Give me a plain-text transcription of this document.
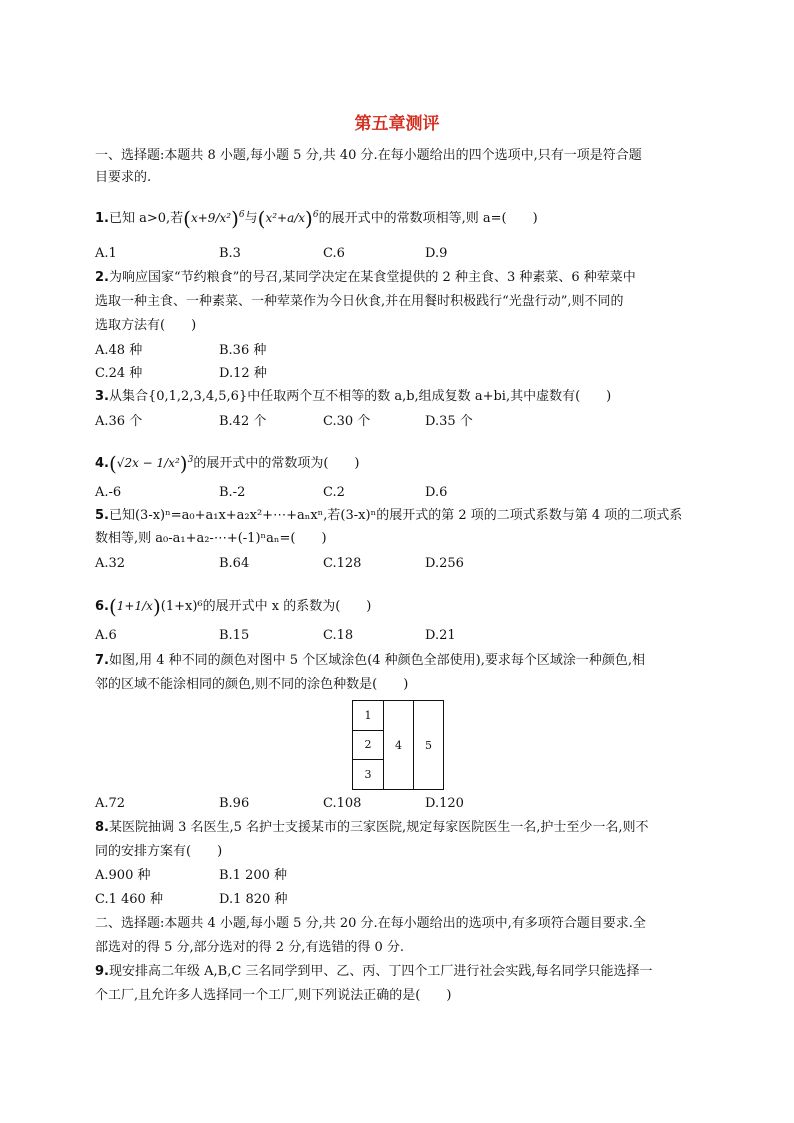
第五章测评
一、选择题:本题共 8 小题,每小题 5 分,共 40 分.在每小题给出的四个选项中,只有一项是符合题
目要求的.
1.已知 a>0,若$(x+9/x^2)^6$与$(x^2+a/x)^6$的展开式中的常数项相等,则 a=(　　)
A.1	B.3	C.6	D.9
2.为响应国家“节约粮食”的号召,某同学决定在某食堂提供的 2 种主食、3 种素菜、6 种荤菜中
选取一种主食、一种素菜、一种荤菜作为今日伙食,并在用餐时积极践行“光盘行动”,则不同的
选取方法有(　　)
A.48 种	B.36 种
C.24 种	D.12 种
3.从集合{0,1,2,3,4,5,6}中任取两个互不相等的数 a,b,组成复数 a+bi,其中虚数有(　　)
A.36 个	B.42 个	C.30 个	D.35 个
$4.(√2x - 1/x^2)^3$的展开式中的常数项为(　　)
A.-6	B.-2	C.2	D.6
5.已知(3-x)ⁿ=a₀+a₁x+a₂x²+⋯+aₙxⁿ,若(3-x)ⁿ的展开式的第 2 项的二项式系数与第 4 项的二项式系
数相等,则 a₀-a₁+a₂-⋯+(-1)ⁿaₙ=(　　)
A.32	B.64	C.128	D.256
6.(1+1/x)(1+x)⁶的展开式中 x 的系数为(　　)
A.6	B.15	C.18	D.21
7.如图,用 4 种不同的颜色对图中 5 个区域涂色(4 种颜色全部使用),要求每个区域涂一种颜色,相
邻的区域不能涂相同的颜色,则不同的涂色种数是(　　)
1
2
3
4	5
A.72	B.96	C.108	D.120
8.某医院抽调 3 名医生,5 名护士支援某市的三家医院,规定每家医院医生一名,护士至少一名,则不
同的安排方案有(　　)
A.900 种	B.1 200 种
C.1 460 种	D.1 820 种
二、选择题:本题共 4 小题,每小题 5 分,共 20 分.在每小题给出的选项中,有多项符合题目要求.全
部选对的得 5 分,部分选对的得 2 分,有选错的得 0 分.
9.现安排高二年级 A,B,C 三名同学到甲、乙、丙、丁四个工厂进行社会实践,每名同学只能选择一
个工厂,且允许多人选择同一个工厂,则下列说法正确的是(　　)
